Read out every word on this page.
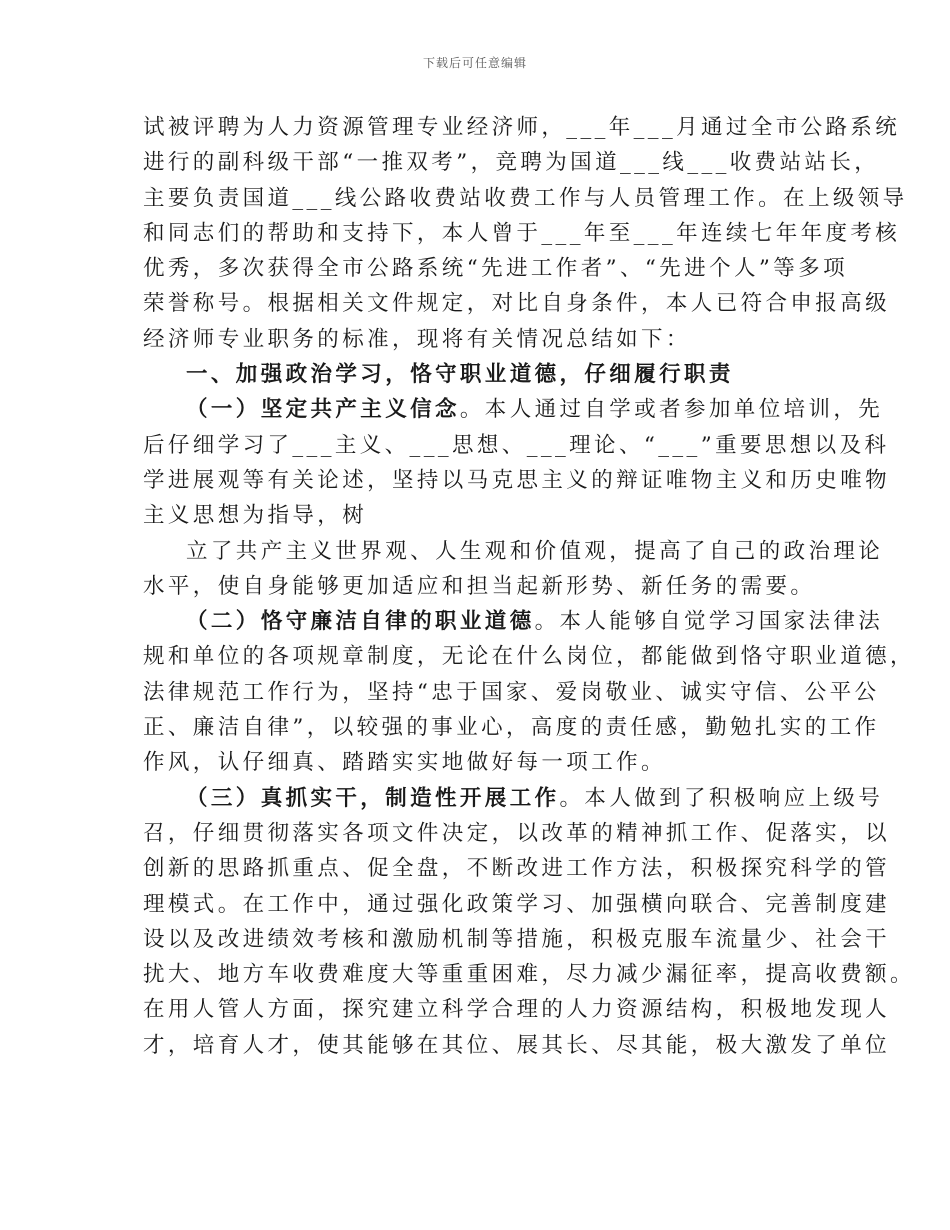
下载后可任意编辑
试被评聘为人力资源管理专业经济师，___年___月通过全市公路系统
进行的副科级干部“一推双考”，竞聘为国道___线___收费站站长，
主要负责国道___线公路收费站收费工作与人员管理工作。在上级领导
和同志们的帮助和支持下，本人曾于___年至___年连续七年年度考核
优秀，多次获得全市公路系统“先进工作者”、“先进个人”等多项
荣誉称号。根据相关文件规定，对比自身条件，本人已符合申报高级
经济师专业职务的标准，现将有关情况总结如下：
一、加强政治学习，恪守职业道德，仔细履行职责
（一）坚定共产主义信念。本人通过自学或者参加单位培训，先
后仔细学习了___主义、___思想、___理论、“___”重要思想以及科
学进展观等有关论述，坚持以马克思主义的辩证唯物主义和历史唯物
主义思想为指导，树
立了共产主义世界观、人生观和价值观，提高了自己的政治理论
水平，使自身能够更加适应和担当起新形势、新任务的需要。
（二）恪守廉洁自律的职业道德。本人能够自觉学习国家法律法
规和单位的各项规章制度，无论在什么岗位，都能做到恪守职业道德，
法律规范工作行为，坚持“忠于国家、爱岗敬业、诚实守信、公平公
正、廉洁自律”，以较强的事业心，高度的责任感，勤勉扎实的工作
作风，认仔细真、踏踏实实地做好每一项工作。
（三）真抓实干，制造性开展工作。本人做到了积极响应上级号
召，仔细贯彻落实各项文件决定，以改革的精神抓工作、促落实，以
创新的思路抓重点、促全盘，不断改进工作方法，积极探究科学的管
理模式。在工作中，通过强化政策学习、加强横向联合、完善制度建
设以及改进绩效考核和激励机制等措施，积极克服车流量少、社会干
扰大、地方车收费难度大等重重困难，尽力减少漏征率，提高收费额。
在用人管人方面，探究建立科学合理的人力资源结构，积极地发现人
才，培育人才，使其能够在其位、展其长、尽其能，极大激发了单位
